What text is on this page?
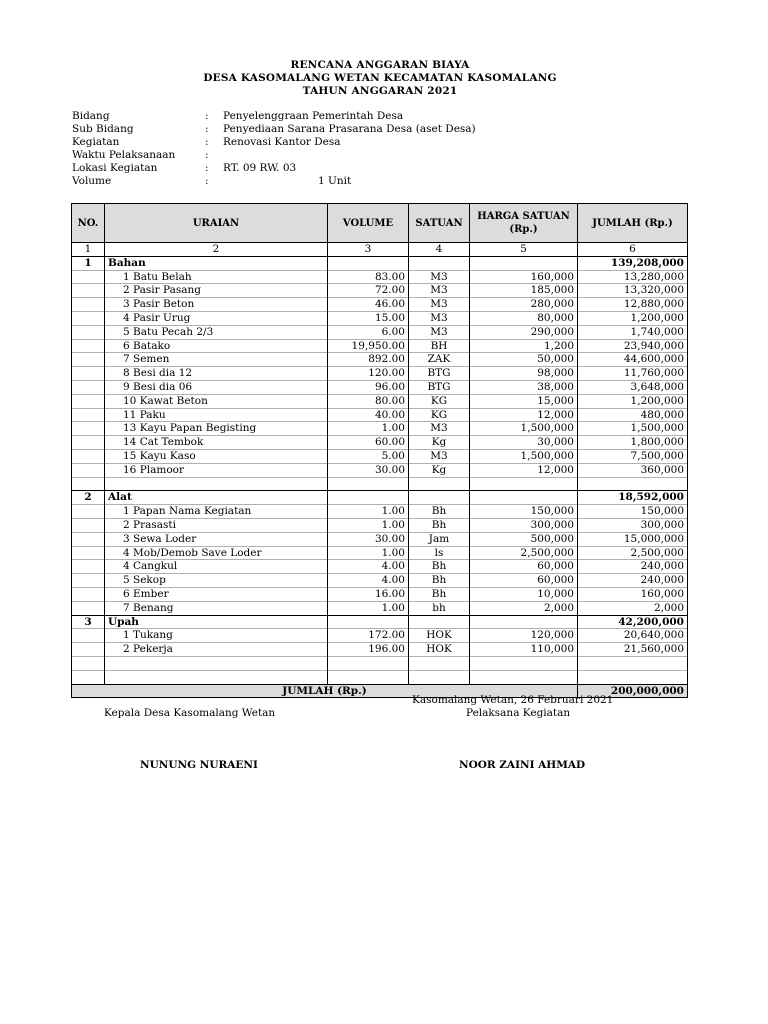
RENCANA ANGGARAN BIAYA
DESA KASOMALANG WETAN KECAMATAN KASOMALANG
TAHUN ANGGARAN 2021
Bidang	: Penyelenggraan Pemerintah Desa
Sub Bidang	: Penyediaan Sarana Prasarana Desa (aset Desa)
Kegiatan	: Renovasi Kantor Desa
Waktu Pelaksanaan	:
Lokasi Kegiatan	: RT. 09 RW. 03
Volume	:	1 Unit
NO.	URAIAN	VOLUME	SATUAN	HARGA SATUAN (Rp.)	JUMLAH (Rp.)
1	2	3	4	5	6
1	Bahan				139,208,000
	1 Batu Belah	83.00	M3	160,000	13,280,000
	2 Pasir Pasang	72.00	M3	185,000	13,320,000
	3 Pasir Beton	46.00	M3	280,000	12,880,000
	4 Pasir Urug	15.00	M3	80,000	1,200,000
	5 Batu Pecah 2/3	6.00	M3	290,000	1,740,000
	6 Batako	19,950.00	BH	1,200	23,940,000
	7 Semen	892.00	ZAK	50,000	44,600,000
	8 Besi dia 12	120.00	BTG	98,000	11,760,000
	9 Besi dia 06	96.00	BTG	38,000	3,648,000
	10 Kawat Beton	80.00	KG	15,000	1,200,000
	11 Paku	40.00	KG	12,000	480,000
	13 Kayu Papan Begisting	1.00	M3	1,500,000	1,500,000
	14 Cat Tembok	60.00	Kg	30,000	1,800,000
	15 Kayu Kaso	5.00	M3	1,500,000	7,500,000
	16 Plamoor	30.00	Kg	12,000	360,000

2	Alat				18,592,000
	1 Papan Nama Kegiatan	1.00	Bh	150,000	150,000
	2 Prasasti	1.00	Bh	300,000	300,000
	3 Sewa Loder	30.00	Jam	500,000	15,000,000
	4 Mob/Demob Save Loder	1.00	ls	2,500,000	2,500,000
	4 Cangkul	4.00	Bh	60,000	240,000
	5 Sekop	4.00	Bh	60,000	240,000
	6 Ember	16.00	Bh	10,000	160,000
	7 Benang	1.00	bh	2,000	2,000
3	Upah				42,200,000
	1 Tukang	172.00	HOK	120,000	20,640,000
	2 Pekerja	196.00	HOK	110,000	21,560,000

JUMLAH (Rp.)					200,000,000
Kasomalang Wetan, 26 Februari 2021
Kepala Desa Kasomalang Wetan	Pelaksana Kegiatan
NUNUNG NURAENI	NOOR ZAINI AHMAD
